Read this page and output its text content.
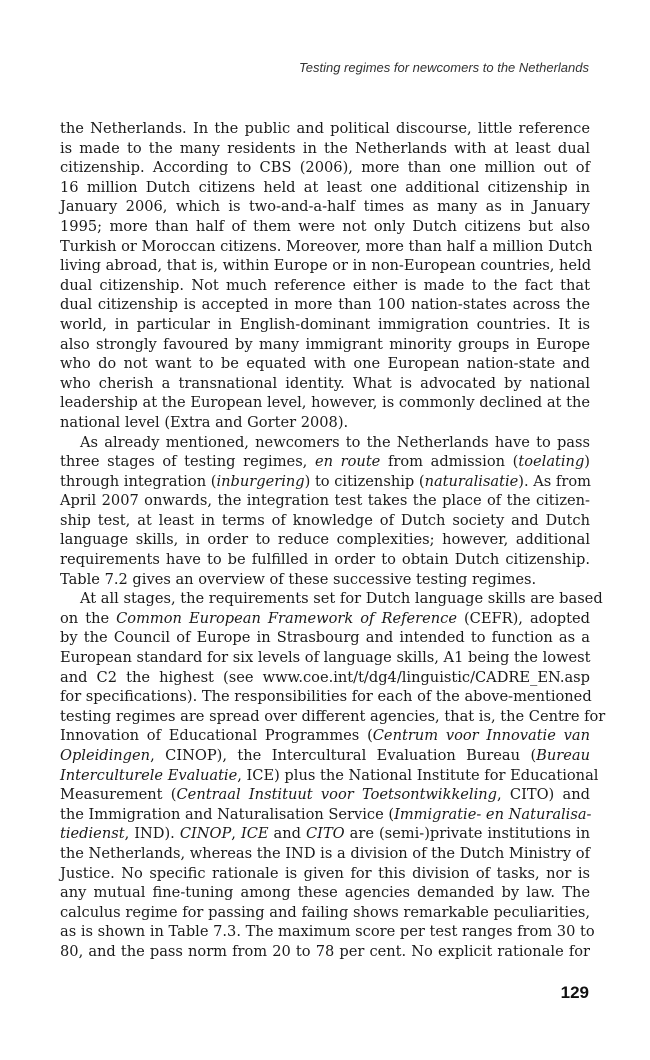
Testing regimes for newcomers to the Netherlands
the Netherlands. In the public and political discourse, little reference
is made to the many residents in the Netherlands with at least dual
citizenship. According to CBS (2006), more than one million out of
16 million Dutch citizens held at least one additional citizenship in
January 2006, which is two-and-a-half times as many as in January
1995; more than half of them were not only Dutch citizens but also
Turkish or Moroccan citizens. Moreover, more than half a million Dutch
living abroad, that is, within Europe or in non-European countries, held
dual citizenship. Not much reference either is made to the fact that
dual citizenship is accepted in more than 100 nation-states across the
world, in particular in English-dominant immigration countries. It is
also strongly favoured by many immigrant minority groups in Europe
who do not want to be equated with one European nation-state and
who cherish a transnational identity. What is advocated by national
leadership at the European level, however, is commonly declined at the
national level (Extra and Gorter 2008).
As already mentioned, newcomers to the Netherlands have to pass
three stages of testing regimes, en route from admission (toelating)
through integration (inburgering) to citizenship (naturalisatie). As from
April 2007 onwards, the integration test takes the place of the citizen-
ship test, at least in terms of knowledge of Dutch society and Dutch
language skills, in order to reduce complexities; however, additional
requirements have to be fulfilled in order to obtain Dutch citizenship.
Table 7.2 gives an overview of these successive testing regimes.
At all stages, the requirements set for Dutch language skills are based
on the Common European Framework of Reference (CEFR), adopted
by the Council of Europe in Strasbourg and intended to function as a
European standard for six levels of language skills, A1 being the lowest
and C2 the highest (see www.coe.int/t/dg4/linguistic/CADRE_EN.asp
for specifications). The responsibilities for each of the above-mentioned
testing regimes are spread over different agencies, that is, the Centre for
Innovation of Educational Programmes (Centrum voor Innovatie van
Opleidingen, CINOP), the Intercultural Evaluation Bureau (Bureau
Interculturele Evaluatie, ICE) plus the National Institute for Educational
Measurement (Centraal Instituut voor Toetsontwikkeling, CITO) and
the Immigration and Naturalisation Service (Immigratie- en Naturalisa-
tiedienst, IND). CINOP, ICE and CITO are (semi-)private institutions in
the Netherlands, whereas the IND is a division of the Dutch Ministry of
Justice. No specific rationale is given for this division of tasks, nor is
any mutual fine-tuning among these agencies demanded by law. The
calculus regime for passing and failing shows remarkable peculiarities,
as is shown in Table 7.3. The maximum score per test ranges from 30 to
80, and the pass norm from 20 to 78 per cent. No explicit rationale for
129
